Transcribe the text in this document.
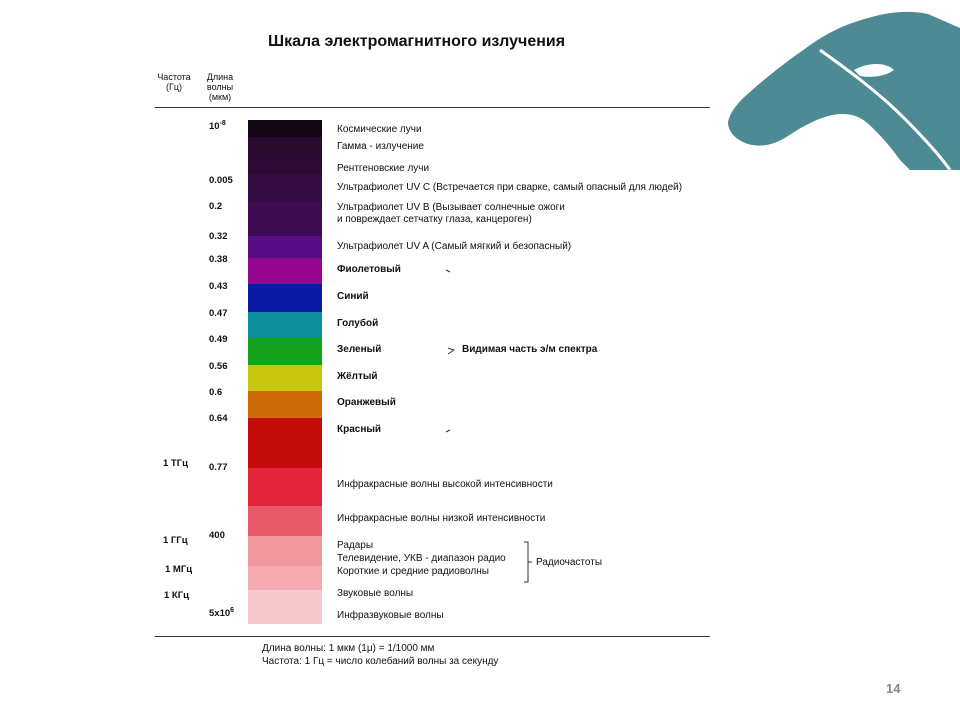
Шкала электромагнитного излучения
Частота
(Гц)
Длина
волны
(мкм)
$10^{-8}$
0.005
0.2
0.32
0.38
0.43
0.47
0.49
0.56
0.6
0.64
0.77
400
$5x10^6$
1 ТГц
1 ГГц
1 МГц
1 КГц
Космические лучи
Гамма - излучение
Рентгеновские лучи
Ультрафиолет UV C (Встречается при сварке, самый опасный для людей)
Ультрафиолет UV B (Вызывает солнечные ожоги
и повреждает сетчатку глаза, канцероген)
Ультрафиолет UV A (Самый мягкий и безопасный)
Фиолетовый
Синий
Голубой
Зеленый
Жёлтый
Оранжевый
Красный
Инфракрасные волны высокой интенсивности
Инфракрасные волны низкой интенсивности
Радары
Телевидение, УКВ - диапазон радио
Короткие и средние радиоволны
Звуковые волны
Инфразвуковые волны
Видимая часть э/м спектра
Радиочастоты
Длина волны: 1 мкм (1μ) = 1/1000 мм
Частота: 1 Гц = число колебаний волны за секунду
14
